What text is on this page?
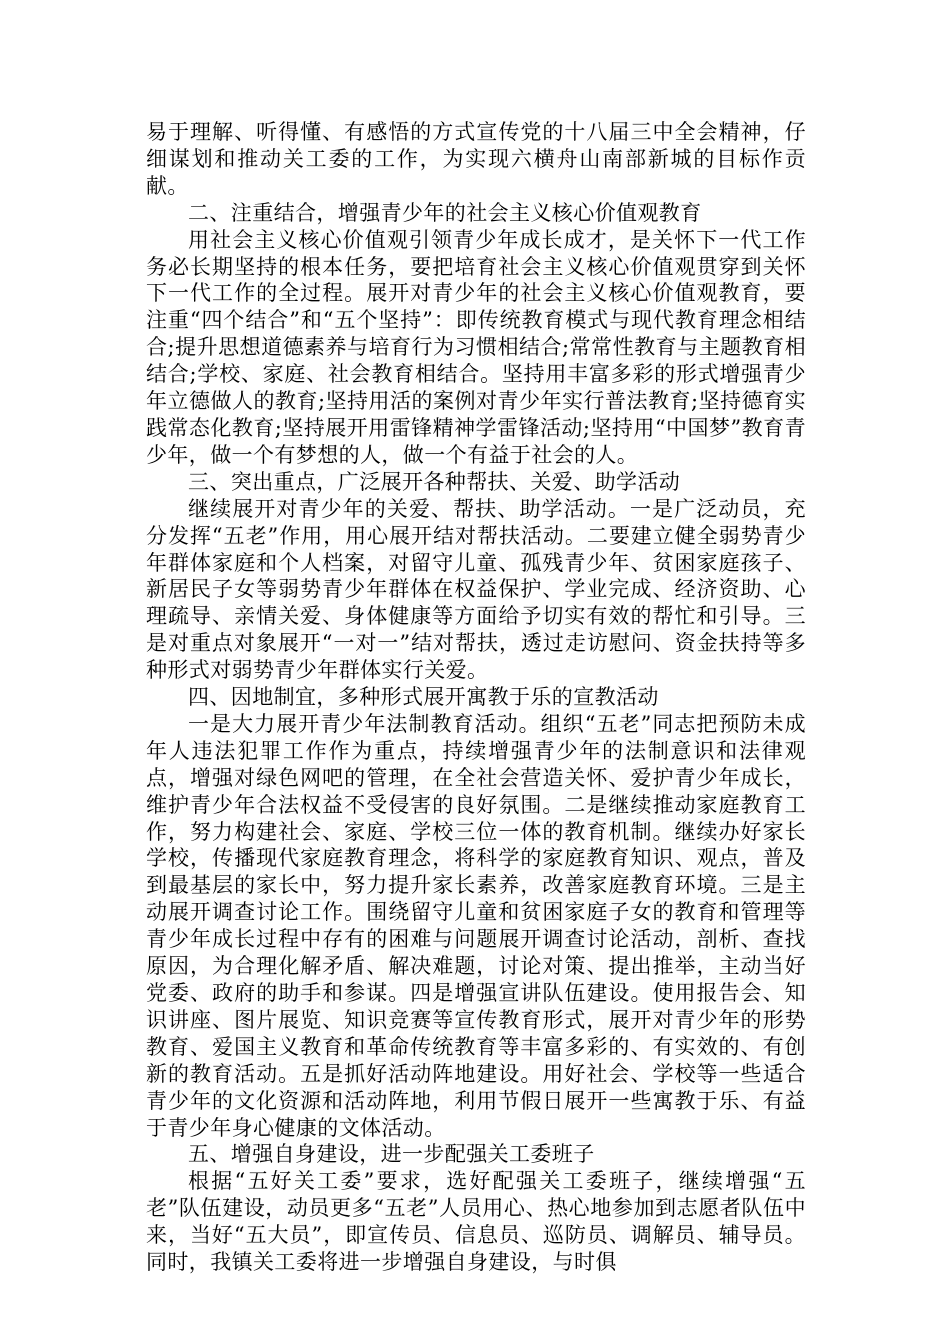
易于理解、听得懂、有感悟的方式宣传党的十八届三中全会精神，仔细谋划和推动关工委的工作，为实现六横舟山南部新城的目标作贡献。

二、注重结合，增强青少年的社会主义核心价值观教育

用社会主义核心价值观引领青少年成长成才，是关怀下一代工作务必长期坚持的根本任务，要把培育社会主义核心价值观贯穿到关怀下一代工作的全过程。展开对青少年的社会主义核心价值观教育，要注重“四个结合”和“五个坚持”：即传统教育模式与现代教育理念相结合;提升思想道德素养与培育行为习惯相结合;常常性教育与主题教育相结合;学校、家庭、社会教育相结合。坚持用丰富多彩的形式增强青少年立德做人的教育;坚持用活的案例对青少年实行普法教育;坚持德育实践常态化教育;坚持展开用雷锋精神学雷锋活动;坚持用“中国梦”教育青少年，做一个有梦想的人，做一个有益于社会的人。

三、突出重点，广泛展开各种帮扶、关爱、助学活动

继续展开对青少年的关爱、帮扶、助学活动。一是广泛动员，充分发挥“五老”作用，用心展开结对帮扶活动。二要建立健全弱势青少年群体家庭和个人档案，对留守儿童、孤残青少年、贫困家庭孩子、新居民子女等弱势青少年群体在权益保护、学业完成、经济资助、心理疏导、亲情关爱、身体健康等方面给予切实有效的帮忙和引导。三是对重点对象展开“一对一”结对帮扶，透过走访慰问、资金扶持等多种形式对弱势青少年群体实行关爱。

四、因地制宜，多种形式展开寓教于乐的宣教活动

一是大力展开青少年法制教育活动。组织“五老”同志把预防未成年人违法犯罪工作作为重点，持续增强青少年的法制意识和法律观点，增强对绿色网吧的管理，在全社会营造关怀、爱护青少年成长，维护青少年合法权益不受侵害的良好氛围。二是继续推动家庭教育工作，努力构建社会、家庭、学校三位一体的教育机制。继续办好家长学校，传播现代家庭教育理念，将科学的家庭教育知识、观点，普及到最基层的家长中，努力提升家长素养，改善家庭教育环境。三是主动展开调查讨论工作。围绕留守儿童和贫困家庭子女的教育和管理等青少年成长过程中存有的困难与问题展开调查讨论活动，剖析、查找原因，为合理化解矛盾、解决难题，讨论对策、提出推举，主动当好党委、政府的助手和参谋。四是增强宣讲队伍建设。使用报告会、知识讲座、图片展览、知识竞赛等宣传教育形式，展开对青少年的形势教育、爱国主义教育和革命传统教育等丰富多彩的、有实效的、有创新的教育活动。五是抓好活动阵地建设。用好社会、学校等一些适合青少年的文化资源和活动阵地，利用节假日展开一些寓教于乐、有益于青少年身心健康的文体活动。

五、增强自身建设，进一步配强关工委班子

根据“五好关工委”要求，选好配强关工委班子，继续增强“五老”队伍建设，动员更多“五老”人员用心、热心地参加到志愿者队伍中来，当好“五大员”，即宣传员、信息员、巡防员、调解员、辅导员。同时，我镇关工委将进一步增强自身建设，与时俱
